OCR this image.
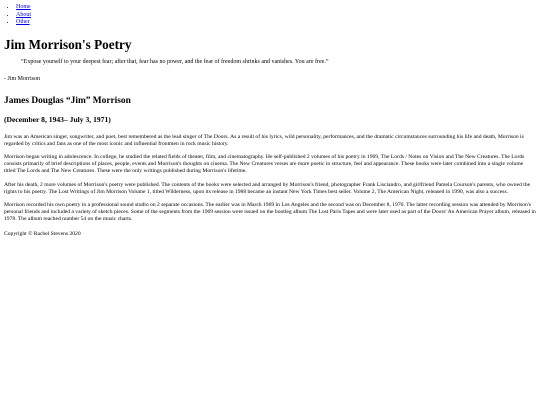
• Home
• About
• Other
Jim Morrison's Poetry
“Expose yourself to your deepest fear; after that, fear has no power, and the fear of freedom shrinks and vanishes. You are free.”

- Jim Morrison

James Douglas “Jim” Morrison
(December 8, 1943– July 3, 1971)

Jim was an American singer, songwriter, and poet, best remembered as the lead singer of The Doors. As a result of his lyrics, wild personality, performances, and the dramatic circumstances surrounding his life and death, Morrison is regarded by critics and fans as one of the most iconic and influential frontmen in rock music history.

Morrison began writing in adolescence. In college, he studied the related fields of theater, film, and cinematography. He self-published 2 volumes of his poetry in 1969, The Lords / Notes on Vision and The New Creatures. The Lords consists primarily of brief descriptions of places, people, events and Morrison's thoughts on cinema. The New Creatures verses are more poetic in structure, feel and appearance. These books were later combined into a single volume titled The Lords and The New Creatures. These were the only writings published during Morrison's lifetime.

After his death, 2 more volumes of Morrison's poetry were published. The contents of the books were selected and arranged by Morrison's friend, photographer Frank Lisciandro, and girlfriend Pamela Courson's parents, who owned the rights to his poetry. The Lost Writings of Jim Morrison Volume 1, titled Wilderness, upon its release in 1988 became an instant New York Times best seller. Volume 2, The American Night, released in 1990, was also a success.

Morrison recorded his own poetry in a professional sound studio on 2 separate occasions. The earlier was in March 1969 in Los Angeles and the second was on December 8, 1970. The latter recording session was attended by Morrison's personal friends and included a variety of sketch pieces. Some of the segments from the 1969 session were issued on the bootleg album The Lost Paris Tapes and were later used as part of the Doors' An American Prayer album, released in 1978. The album reached number 54 on the music charts.

Copyright © Rachel Stevens 2020
